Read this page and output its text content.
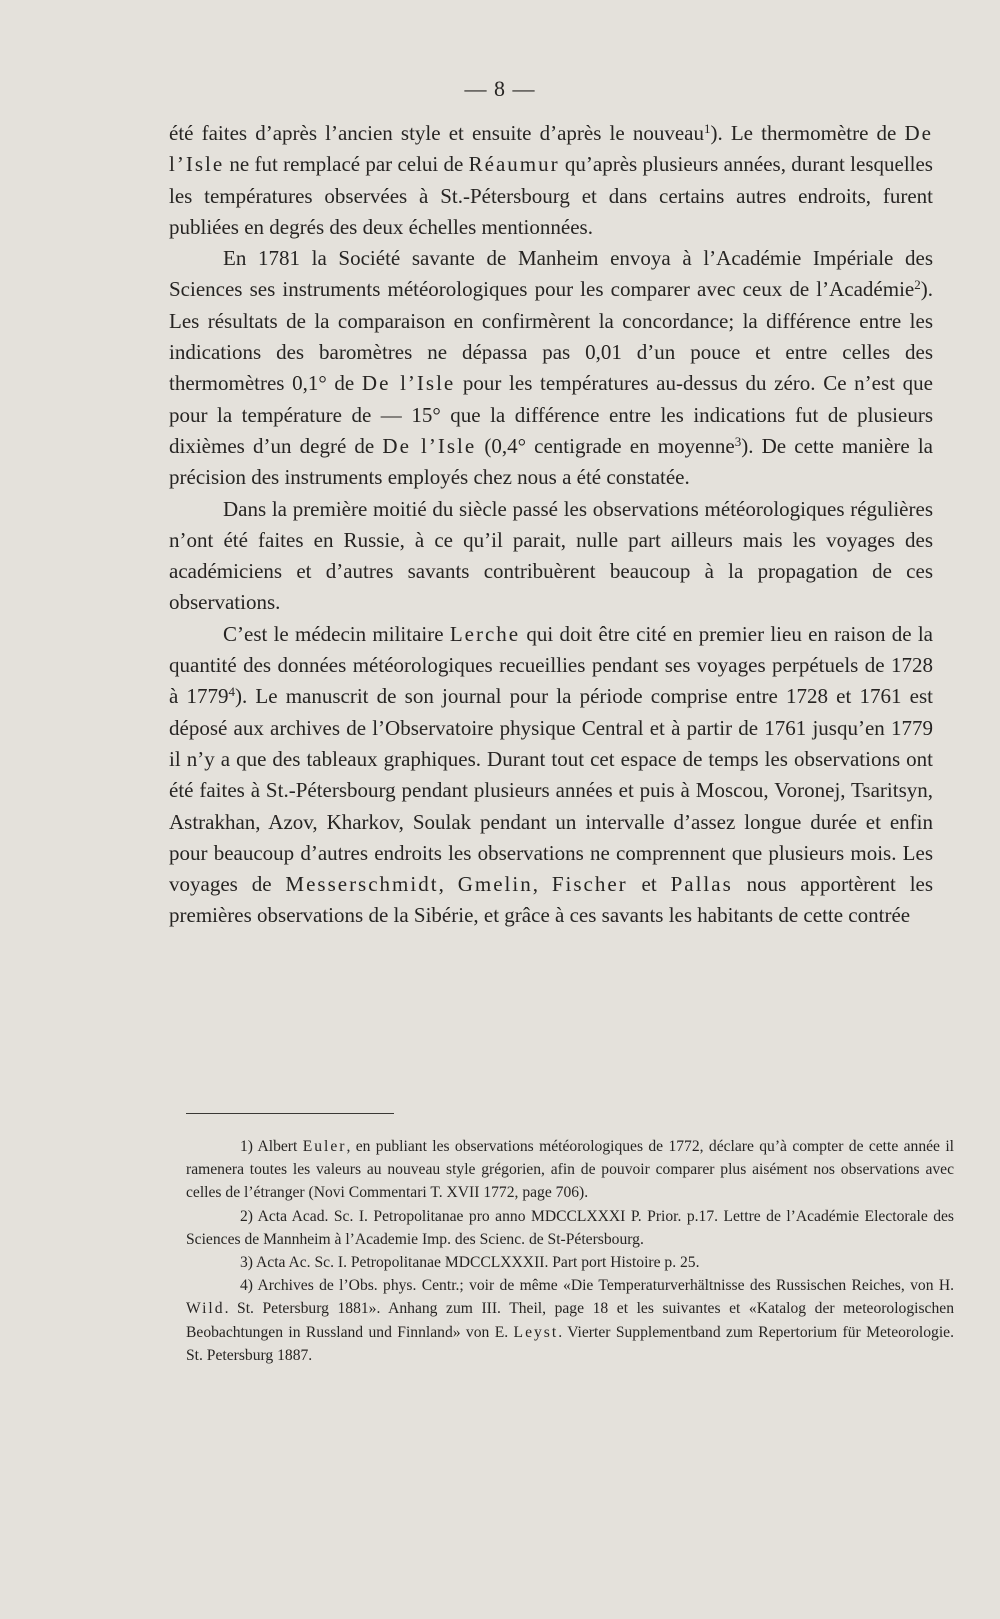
— 8 —

été faites d’après l’ancien style et ensuite d’après le nouveau$^1$). Le thermomètre de De l’Isle ne fut remplacé par celui de Réaumur qu’après plusieurs années, durant lesquelles les températures observées à St.-Pétersbourg et dans certains autres endroits, furent publiées en degrés des deux échelles mentionnées.

En 1781 la Société savante de Manheim envoya à l’Académie Impériale des Sciences ses instruments météorologiques pour les comparer avec ceux de l’Académie$^2$). Les résultats de la comparaison en confirmèrent la concordance; la différence entre les indications des baromètres ne dépassa pas 0,01 d’un pouce et entre celles des thermomètres 0,1° de De l’Isle pour les températures au-dessus du zéro. Ce n’est que pour la température de — 15° que la différence entre les indications fut de plusieurs dixièmes d’un degré de De l’Isle (0,4° centigrade en moyenne$^3$). De cette manière la précision des instruments employés chez nous a été constatée.

Dans la première moitié du siècle passé les observations météorologiques régulières n’ont été faites en Russie, à ce qu’il parait, nulle part ailleurs mais les voyages des académiciens et d’autres savants contribuèrent beaucoup à la propagation de ces observations.

C’est le médecin militaire Lerche qui doit être cité en premier lieu en raison de la quantité des données météorologiques recueillies pendant ses voyages perpétuels de 1728 à 1779$^4$). Le manuscrit de son journal pour la période comprise entre 1728 et 1761 est déposé aux archives de l’Observatoire physique Central et à partir de 1761 jusqu’en 1779 il n’y a que des tableaux graphiques. Durant tout cet espace de temps les observations ont été faites à St.-Pétersbourg pendant plusieurs années et puis à Moscou, Voronej, Tsaritsyn, Astrakhan, Azov, Kharkov, Soulak pendant un intervalle d’assez longue durée et enfin pour beaucoup d’autres endroits les observations ne comprennent que plusieurs mois. Les voyages de Messerschmidt, Gmelin, Fischer et Pallas nous apportèrent les premières observations de la Sibérie, et grâce à ces savants les habitants de cette contrée

1) Albert Euler, en publiant les observations météorologiques de 1772, déclare qu’à compter de cette année il ramenera toutes les valeurs au nouveau style grégorien, afin de pouvoir comparer plus aisément nos observations avec celles de l’étranger (Novi Commentari T. XVII 1772, page 706).

2) Acta Acad. Sc. I. Petropolitanae pro anno MDCCLXXXI P. Prior. p.17. Lettre de l’Académie Electorale des Sciences de Mannheim à l’Academie Imp. des Scienc. de St-Pétersbourg.

3) Acta Ac. Sc. I. Petropolitanae MDCCLXXXII. Part port Histoire p. 25.

4) Archives de l’Obs. phys. Centr.; voir de même «Die Temperaturverhältnisse des Russischen Reiches, von H. Wild. St. Petersburg 1881». Anhang zum III. Theil, page 18 et les suivantes et «Katalog der meteorologischen Beobachtungen in Russland und Finnland» von E. Leyst. Vierter Supplementband zum Repertorium für Meteorologie. St. Petersburg 1887.
